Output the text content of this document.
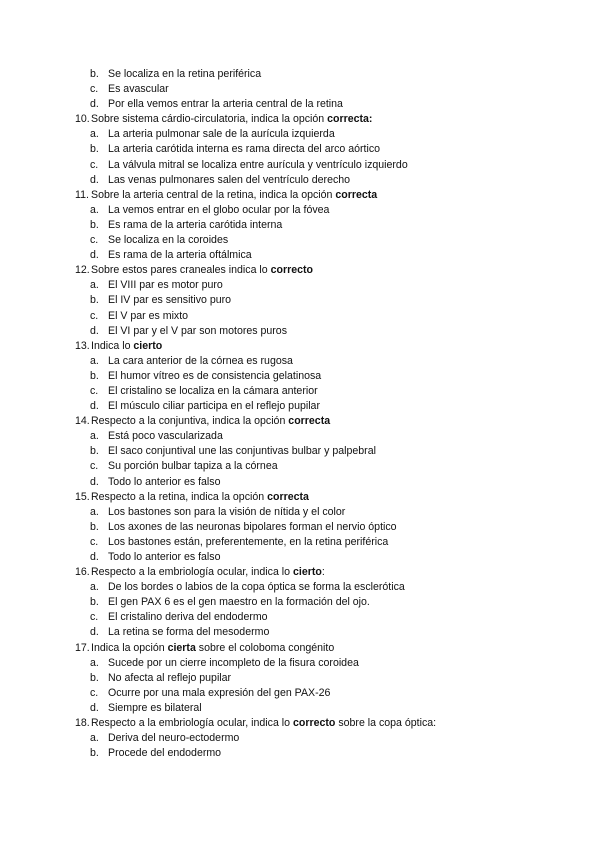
b. Se localiza en la retina periférica
c. Es avascular
d. Por ella vemos entrar la arteria central de la retina
10.Sobre sistema cárdio-circulatoria, indica la opción correcta:
a. La arteria pulmonar sale de la aurícula izquierda
b. La arteria carótida interna es rama directa del arco aórtico
c. La válvula mitral se localiza entre aurícula y ventrículo izquierdo
d. Las venas pulmonares salen del ventrículo derecho
11. Sobre la arteria central de la retina, indica la opción correcta
a. La vemos entrar en el globo ocular por la fóvea
b. Es rama de la arteria carótida interna
c. Se localiza en la coroides
d. Es rama de la arteria oftálmica
12.Sobre estos pares craneales indica lo correcto
a. El VIII par es motor puro
b. El IV par es sensitivo puro
c. El V par es mixto
d. El VI par y el V par son motores puros
13.Indica lo cierto
a. La cara anterior de la córnea es rugosa
b. El humor vítreo es de consistencia gelatinosa
c. El cristalino se localiza en la cámara anterior
d. El músculo ciliar participa en el reflejo pupilar
14.Respecto a la conjuntiva, indica la opción correcta
a. Está poco vascularizada
b. El saco conjuntival une las conjuntivas bulbar y palpebral
c. Su porción bulbar tapiza a la córnea
d. Todo lo anterior es falso
15.Respecto a la retina, indica la opción correcta
a. Los bastones son para la visión de nítida y el color
b. Los axones de las neuronas bipolares forman el nervio óptico
c. Los bastones están, preferentemente, en la retina periférica
d. Todo lo anterior es falso
16.Respecto a la embriología ocular, indica lo cierto:
a. De los bordes o labios de la copa óptica se forma la esclerótica
b. El gen PAX 6 es el gen maestro en la formación del ojo.
c. El cristalino deriva del endodermo
d. La retina se forma del mesodermo
17.Indica la opción cierta sobre el coloboma congénito
a. Sucede por un cierre incompleto de la fisura coroidea
b. No afecta al reflejo pupilar
c. Ocurre por una mala expresión del gen PAX-26
d. Siempre es bilateral
18.Respecto a la embriología ocular, indica lo correcto sobre la copa óptica:
a. Deriva del neuro-ectodermo
b. Procede del endodermo
